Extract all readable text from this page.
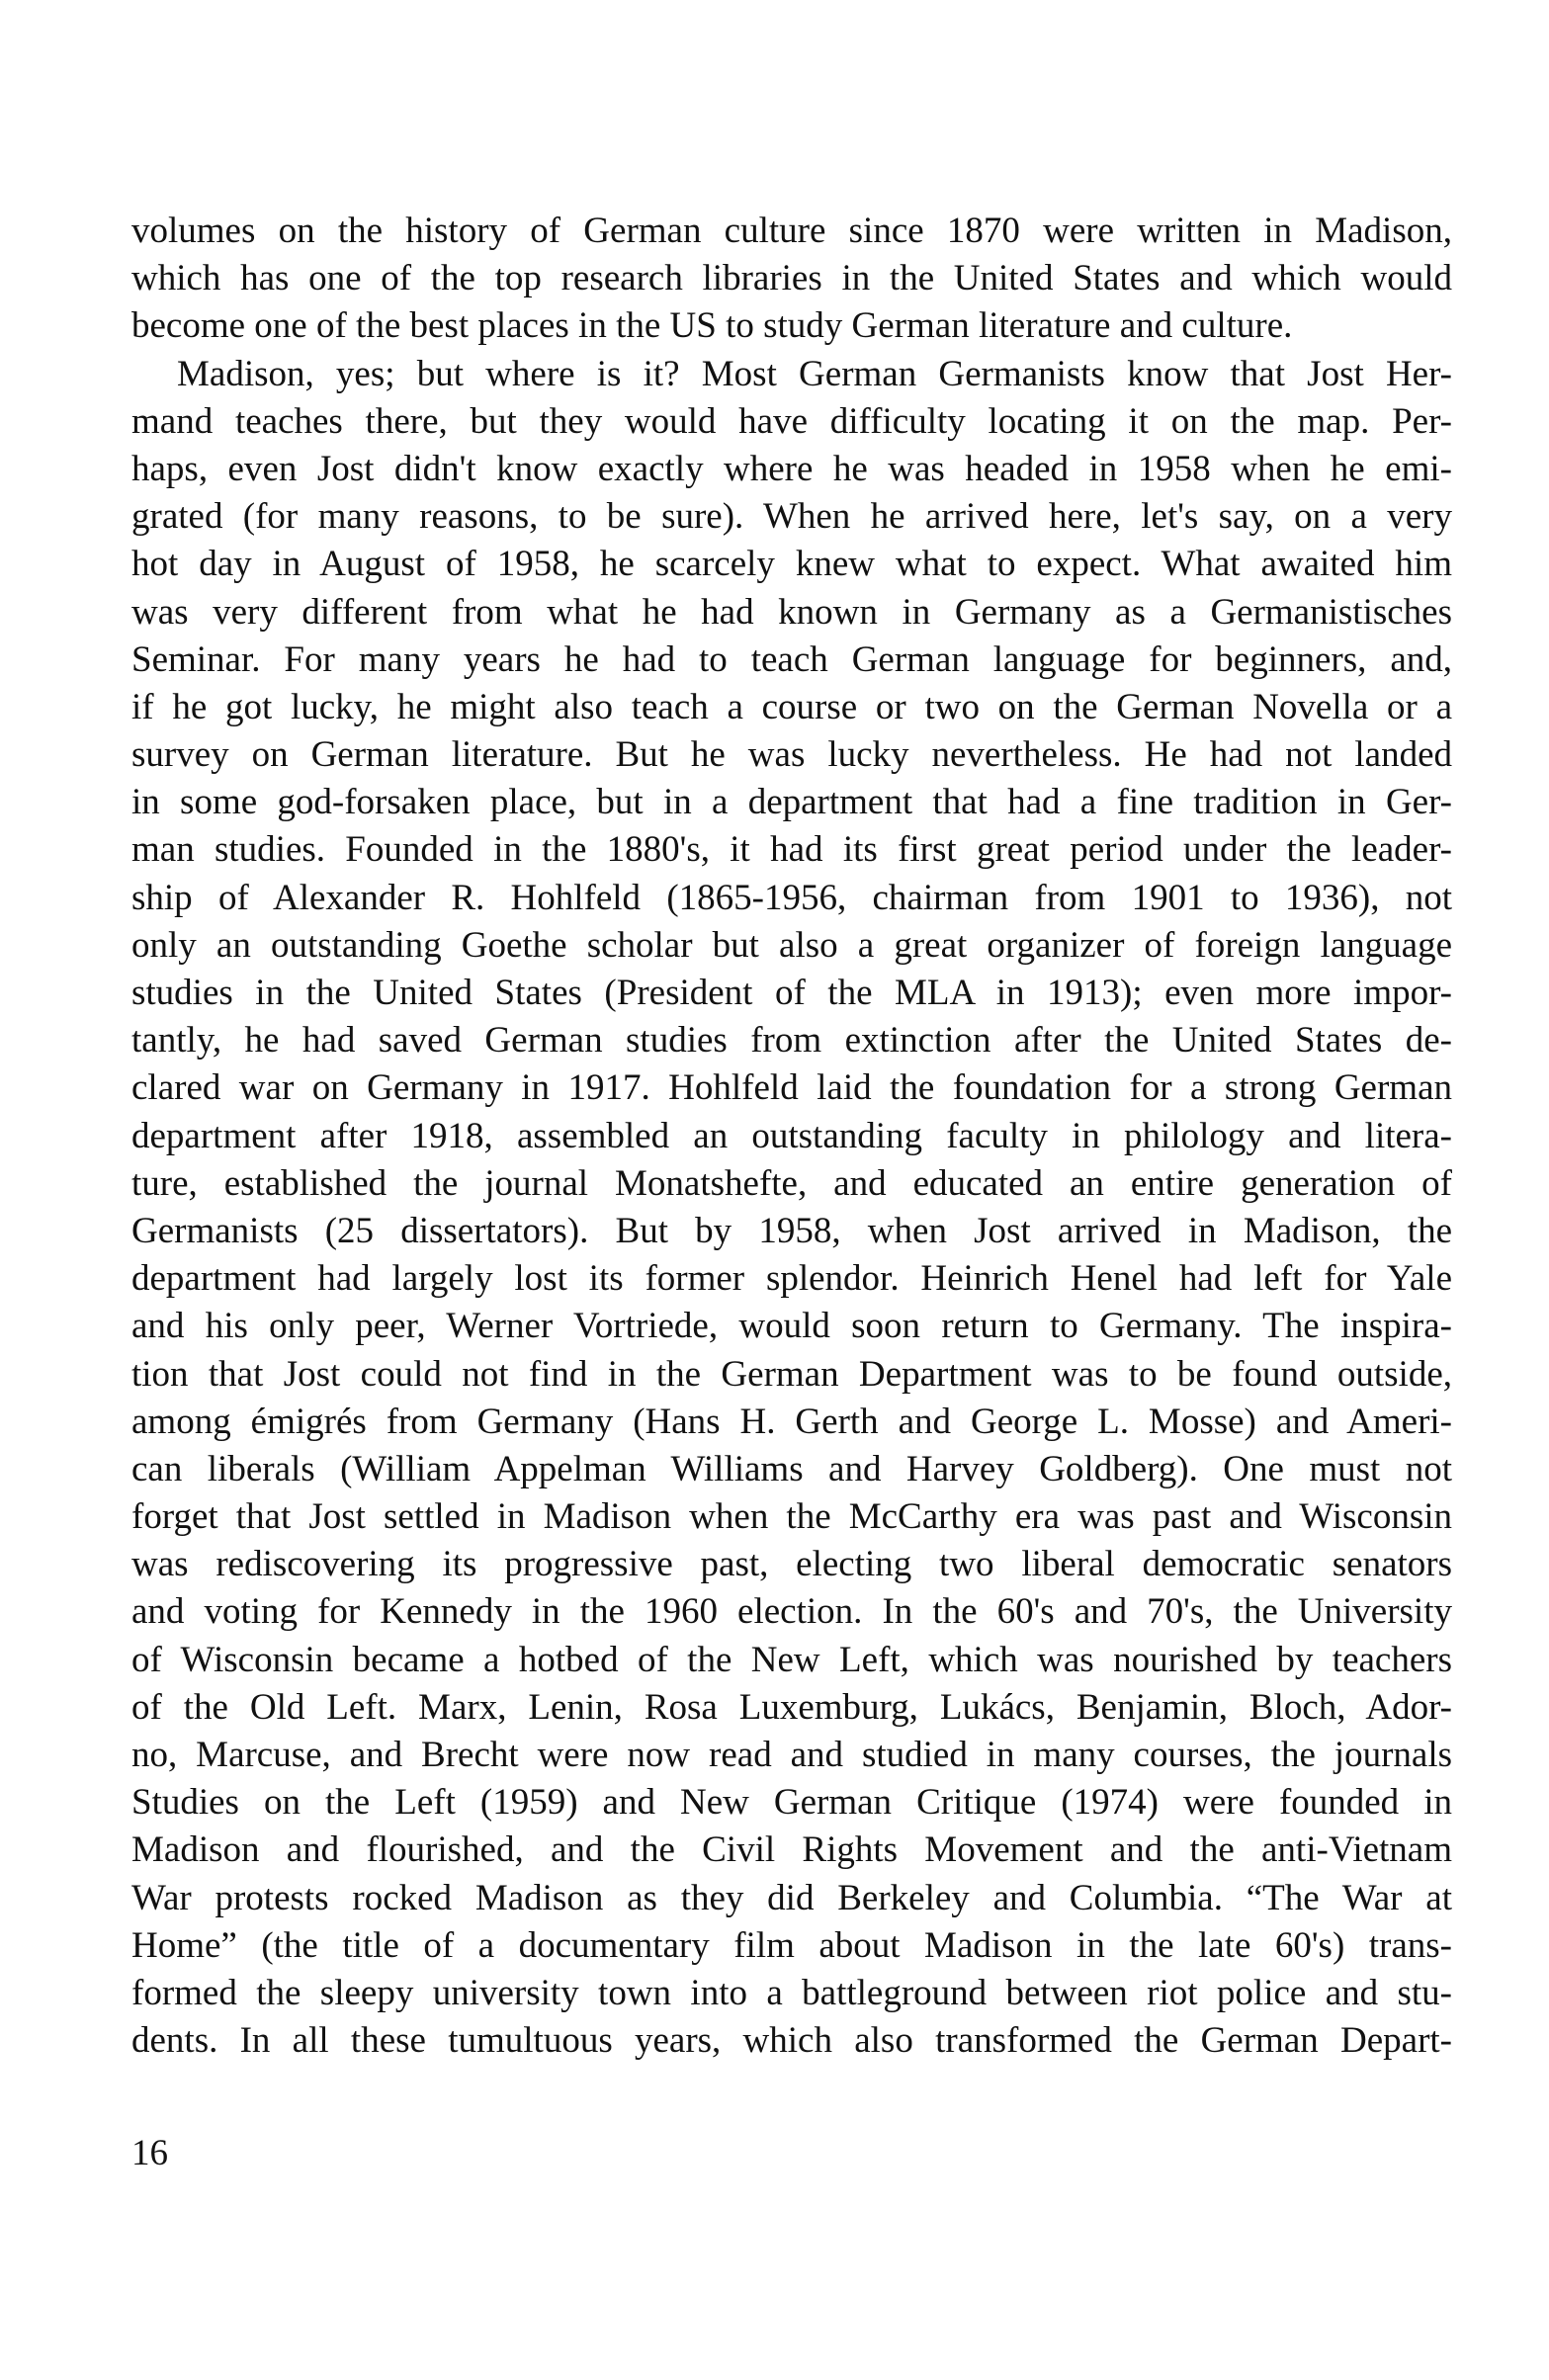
volumes on the history of German culture since 1870 were written in Madison,
which has one of the top research libraries in the United States and which would
become one of the best places in the US to study German literature and culture.
Madison, yes; but where is it? Most German Germanists know that Jost Her-
mand teaches there, but they would have difficulty locating it on the map. Per-
haps, even Jost didn't know exactly where he was headed in 1958 when he emi-
grated (for many reasons, to be sure). When he arrived here, let's say, on a very
hot day in August of 1958, he scarcely knew what to expect. What awaited him
was very different from what he had known in Germany as a Germanistisches
Seminar. For many years he had to teach German language for beginners, and,
if he got lucky, he might also teach a course or two on the German Novella or a
survey on German literature. But he was lucky nevertheless. He had not landed
in some god-forsaken place, but in a department that had a fine tradition in Ger-
man studies. Founded in the 1880's, it had its first great period under the leader-
ship of Alexander R. Hohlfeld (1865-1956, chairman from 1901 to 1936), not
only an outstanding Goethe scholar but also a great organizer of foreign language
studies in the United States (President of the MLA in 1913); even more impor-
tantly, he had saved German studies from extinction after the United States de-
clared war on Germany in 1917. Hohlfeld laid the foundation for a strong German
department after 1918, assembled an outstanding faculty in philology and litera-
ture, established the journal Monatshefte, and educated an entire generation of
Germanists (25 dissertators). But by 1958, when Jost arrived in Madison, the
department had largely lost its former splendor. Heinrich Henel had left for Yale
and his only peer, Werner Vortriede, would soon return to Germany. The inspira-
tion that Jost could not find in the German Department was to be found outside,
among émigrés from Germany (Hans H. Gerth and George L. Mosse) and Ameri-
can liberals (William Appelman Williams and Harvey Goldberg). One must not
forget that Jost settled in Madison when the McCarthy era was past and Wisconsin
was rediscovering its progressive past, electing two liberal democratic senators
and voting for Kennedy in the 1960 election. In the 60's and 70's, the University
of Wisconsin became a hotbed of the New Left, which was nourished by teachers
of the Old Left. Marx, Lenin, Rosa Luxemburg, Lukács, Benjamin, Bloch, Ador-
no, Marcuse, and Brecht were now read and studied in many courses, the journals
Studies on the Left (1959) and New German Critique (1974) were founded in
Madison and flourished, and the Civil Rights Movement and the anti-Vietnam
War protests rocked Madison as they did Berkeley and Columbia. “The War at
Home” (the title of a documentary film about Madison in the late 60's) trans-
formed the sleepy university town into a battleground between riot police and stu-
dents. In all these tumultuous years, which also transformed the German Depart-
16
